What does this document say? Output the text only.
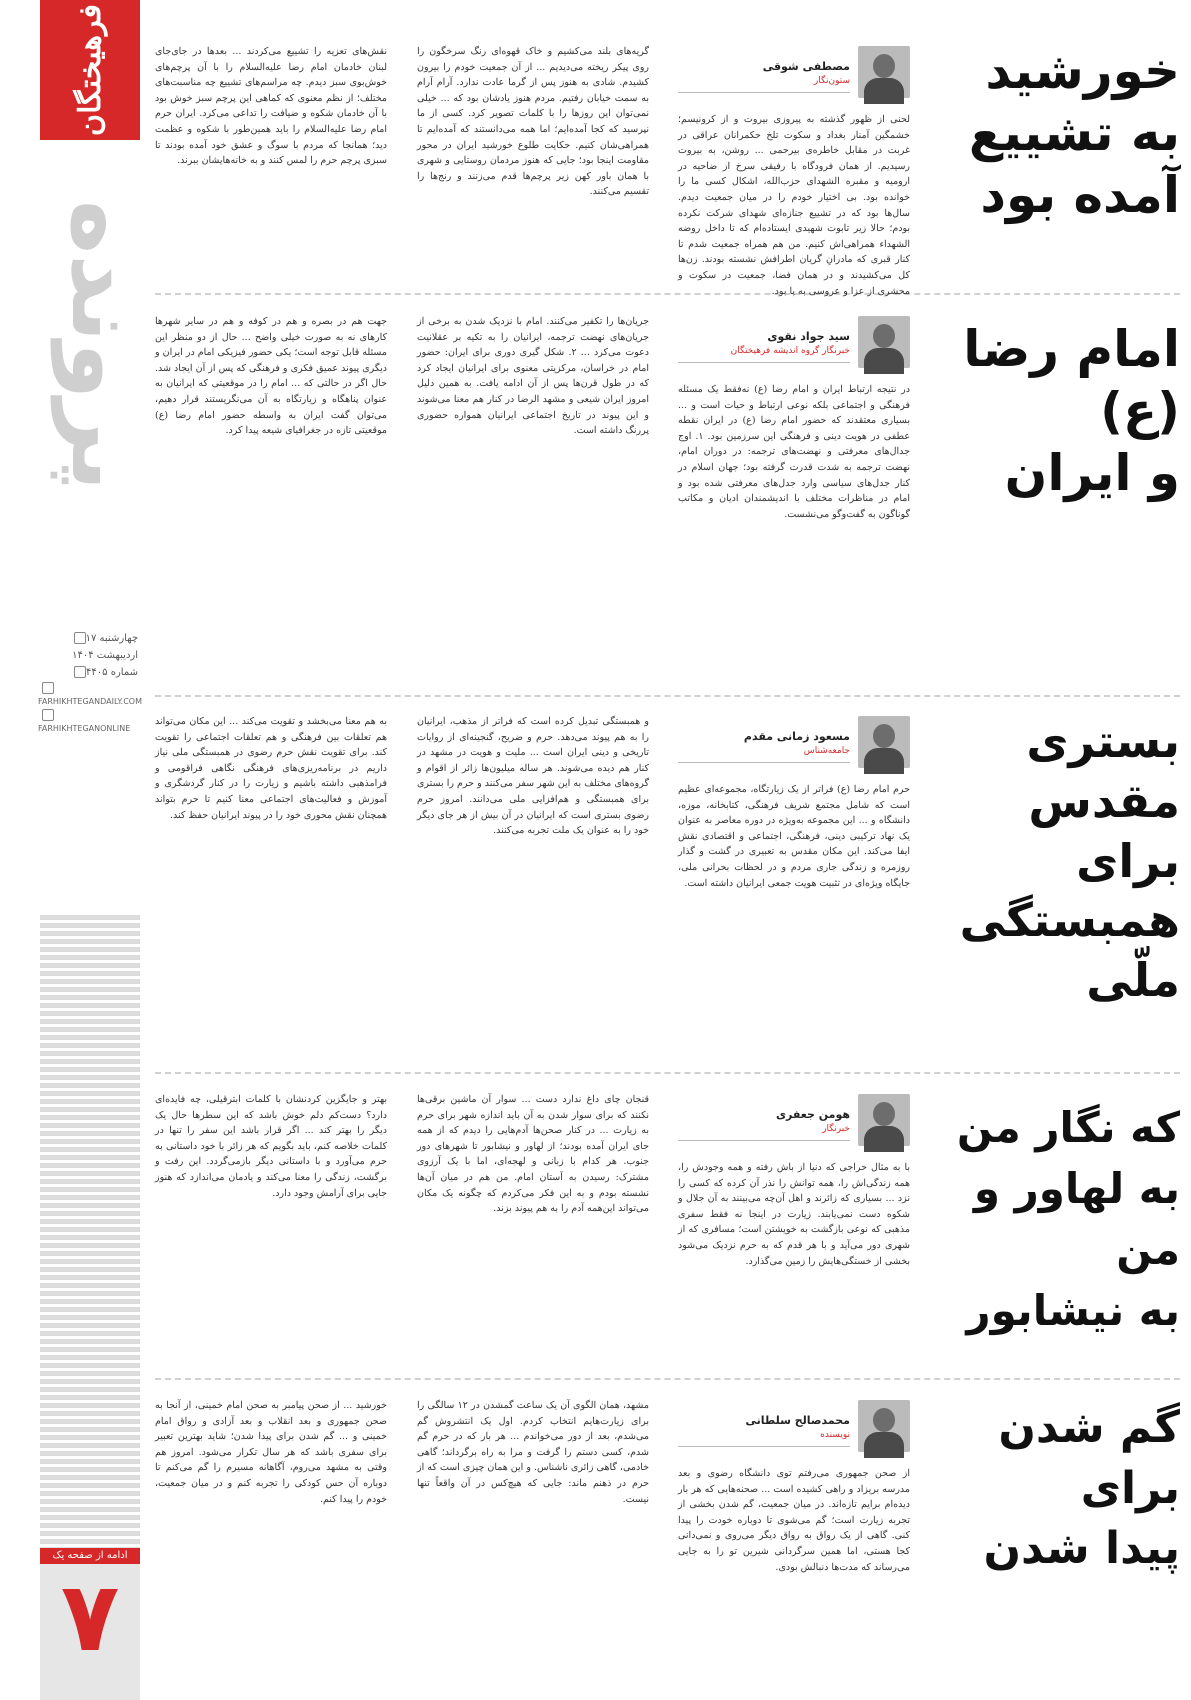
فرهیختگان
پرونده
چهارشنبه ۱۷ اردیبهشت ۱۴۰۴
شماره ۴۴۰۵
FARHIKHTEGANDAILY.COM
FARHIKHTEGANONLINE
ادامه از صفحه یک
۷
مصطفی شوقی
ستون‌نگار
لحنی از ظهور گذشته به پیروزی بیروت و از کرونیسم؛ خشمگین آمنار بغداد و سکوت تلخ حکمرانان عراقی در غربت در مقابل خاطره‌ی بیرحمی ... روشن، به بیروت رسیدیم. از همان فرودگاه با رفیقی سرخ از ضاحیه در ارومیه و مقبره الشهدای حزب‌الله، اشکال کسی ما را خوانده بود. بی اختیار خودم را در میان جمعیت دیدم. سال‌ها بود که در تشییع جنازه‌ای شهدای شرکت نکرده بودم؛ حالا زیر تابوت شهیدی ایستاده‌ام که تا داخل روضه الشهداء همراهی‌اش کنیم. من هم همراه جمعیت شدم تا کنار قبری که مادرانِ گریان اطرافش نشسته بودند. زن‌ها کل می‌کشیدند و در همان فضا، جمعیت در سکوت و محشری از عزا و عروسی به پا بود.
گریه‌های بلند می‌کشیم و خاک قهوه‌ای رنگ سرخگون را روی پیکر ریخته می‌دیدیم ... از آن جمعیت خودم را بیرون کشیدم. شادی به هنوز پس از گرما عادت ندارد. آرام آرام به سمت خیابان رفتیم. مردم هنوز یادشان بود که ... خیلی نمی‌توان این روزها را با کلمات تصویر کرد. کسی از ما نپرسید که کجا آمده‌ایم؛ اما همه می‌دانستند که آمده‌ایم تا همراهی‌شان کنیم. حکایت طلوع خورشید ایران در محور مقاومت اینجا بود؛ جایی که هنوز مردمان روستایی و شهری با همان باور کهن زیر پرچم‌ها قدم می‌زنند و رنج‌ها را تقسیم می‌کنند.
نقش‌های تعزیه را تشییع می‌کردند ... بعدها در جای‌جای لبنان خادمان امام رضا علیه‌السلام را با آن پرچم‌های خوش‌بوی سبز دیدم. چه مراسم‌های تشییع چه مناسبت‌های مختلف؛ از نظم معنوی که کماهی این پرچم سبز خوش بود با آن خادمان شکوه و ضیافت را تداعی می‌کرد. ایران حرم امام رضا علیه‌السلام را باید همین‌طور با شکوه و عظمت دید؛ همانجا که مردم با سوگ و عشق خود آمده بودند تا سبزی پرچم حرم را لمس کنند و به خانه‌هایشان ببرند.
خورشید
به تشییع
آمده بود
سید جواد نقوی
خبرنگار گروه اندیشه فرهیختگان
در نتیجه ارتباط ایران و امام رضا (ع) نه‌فقط یک مسئله فرهنگی و اجتماعی بلکه نوعی ارتباط و حیات است و ... بسیاری معتقدند که حضور امام رضا (ع) در ایران نقطه عطفی در هویت دینی و فرهنگی این سرزمین بود. ۱. اوج جدال‌های معرفتی و نهضت‌های ترجمه: در دوران امام، نهضت ترجمه به شدت قدرت گرفته بود؛ جهان اسلام در کنار جدل‌های سیاسی وارد جدل‌های معرفتی شده بود و امام در مناظرات مختلف با اندیشمندان ادیان و مکاتب گوناگون به گفت‌وگو می‌نشست.
جریان‌ها را تکفیر می‌کنند. امام با نزدیک شدن به برخی از جریان‌های نهضت ترجمه، ایرانیان را به تکیه بر عقلانیت دعوت می‌کرد ... ۲. شکل گیری دوری برای ایران: حضور امام در خراسان، مرکزیتی معنوی برای ایرانیان ایجاد کرد که در طول قرن‌ها پس از آن ادامه یافت. به همین دلیل امروز ایران شیعی و مشهد الرضا در کنار هم معنا می‌شوند و این پیوند در تاریخ اجتماعی ایرانیان همواره حضوری پررنگ داشته است.
جهت هم در بصره و هم در کوفه و هم در سایر شهرها کارهای نه به صورت خیلی واضح ... حال از دو منظر این مسئله قابل توجه است؛ یکی حضور فیزیکی امام در ایران و دیگری پیوند عمیق فکری و فرهنگی که پس از آن ایجاد شد. حال اگر در حالتی که ... امام را در موقعیتی که ایرانیان به عنوان پناهگاه و زیارتگاه به آن می‌نگریستند قرار دهیم، می‌توان گفت ایران به واسطه حضور امام رضا (ع) موقعیتی تازه در جغرافیای شیعه پیدا کرد.
امام رضا (ع)
و ایران
مسعود زمانی مقدم
جامعه‌شناس
حرم امام رضا (ع) فراتر از یک زیارتگاه، مجموعه‌ای عظیم است که شامل مجتمع شریف فرهنگی، کتابخانه، موزه، دانشگاه و ... این مجموعه به‌ویژه در دوره معاصر به عنوان یک نهاد ترکیبی دینی، فرهنگی، اجتماعی و اقتصادی نقش ایفا می‌کند. این مکان مقدس به تعبیری در گشت و گذار روزمره و زندگی جاری مردم و در لحظات بحرانی ملی، جایگاه ویژه‌ای در تثبیت هویت جمعی ایرانیان داشته است.
و همبستگی تبدیل کرده است که فراتر از مذهب، ایرانیان را به هم پیوند می‌دهد. حرم و ضریح، گنجینه‌ای از روایات تاریخی و دینی ایران است ... ملیت و هویت در مشهد در کنار هم دیده می‌شوند. هر ساله میلیون‌ها زائر از اقوام و گروه‌های مختلف به این شهر سفر می‌کنند و حرم را بستری برای همبستگی و هم‌افزایی ملی می‌دانند. امروز حرم رضوی بستری است که ایرانیان در آن بیش از هر جای دیگر خود را به عنوان یک ملت تجربه می‌کنند.
به هم معنا می‌بخشد و تقویت می‌کند ... این مکان می‌تواند هم تعلقات بین فرهنگی و هم تعلقات اجتماعی را تقویت کند. برای تقویت نقش حرم رضوی در همبستگی ملی نیاز داریم در برنامه‌ریزی‌های فرهنگی نگاهی فراقومی و فرامذهبی داشته باشیم و زیارت را در کنار گردشگری و آموزش و فعالیت‌های اجتماعی معنا کنیم تا حرم بتواند همچنان نقش محوری خود را در پیوند ایرانیان حفظ کند.
بستری
مقدس
برای
همبستگی
ملّی
هومن جعفری
خبرنگار
با به مثال حراجی که دنیا از باش رفته و همه وجودش را، همه زندگی‌اش را، همه توانش را نذر آن کرده که کسی را نزد ... بسیاری که زائرند و اهل آن‌چه می‌بینند به آن جلال و شکوه دست نمی‌یابند. زیارت در اینجا نه فقط سفری مذهبی که نوعی بازگشت به خویشتن است؛ مسافری که از شهری دور می‌آید و با هر قدم که به حرم نزدیک می‌شود بخشی از خستگی‌هایش را زمین می‌گذارد.
قنجان چای داغ ندارد دست ... سوار آن ماشین برقی‌ها نکنند که برای سوار شدن به آن باید اندازه شهر برای حرم به زیارت ... در کنار صحن‌ها آدم‌هایی را دیدم که از همه جای ایران آمده بودند؛ از لهاور و نیشابور تا شهرهای دور جنوب. هر کدام با زبانی و لهجه‌ای، اما با یک آرزوی مشترک: رسیدن به آستان امام. من هم در میان آن‌ها نشسته بودم و به این فکر می‌کردم که چگونه یک مکان می‌تواند این‌همه آدم را به هم پیوند بزند.
بهتر و جایگزین کردنشان با کلمات ابترقیلی، چه فایده‌ای دارد؟ دست‌کم دلم خوش باشد که این سطرها حال یک دیگر را بهتر کند ... اگر قرار باشد این سفر را تنها در کلمات خلاصه کنم، باید بگویم که هر زائر با خود داستانی به حرم می‌آورد و با داستانی دیگر بازمی‌گردد. این رفت و برگشت، زندگی را معنا می‌کند و یادمان می‌اندازد که هنوز جایی برای آرامش وجود دارد.
که نگار من
به لهاور و من
به نیشابور
محمدصالح سلطانی
نویسنده
از صحن جمهوری می‌رفتم توی دانشگاه رضوی و بعد مدرسه بریزاد و راهی کشیده است ... صحنه‌هایی که هر بار دیده‌ام برایم تازه‌اند. در میان جمعیت، گم شدن بخشی از تجربه زیارت است؛ گم می‌شوی تا دوباره خودت را پیدا کنی. گاهی از یک رواق به رواق دیگر می‌روی و نمی‌دانی کجا هستی، اما همین سرگردانی شیرین تو را به جایی می‌رساند که مدت‌ها دنبالش بودی.
مشهد، همان الگوی آن یک ساعت گمشدن در ۱۲ سالگی را برای زیارت‌هایم انتخاب کردم. اول یک انتشروش گم می‌شدم، بعد از دور می‌خواندم ... هر بار که در حرم گم شدم، کسی دستم را گرفت و مرا به راه برگرداند؛ گاهی خادمی، گاهی زائری ناشناس. و این همان چیزی است که از حرم در ذهنم ماند: جایی که هیچ‌کس در آن واقعاً تنها نیست.
خورشید ... از صحن پیامبر به صحن امام خمینی، از آنجا به صحن جمهوری و بعد انقلاب و بعد آزادی و رواق امام خمینی و ... گم شدن برای پیدا شدن؛ شاید بهترین تعبیر برای سفری باشد که هر سال تکرار می‌شود. امروز هم وقتی به مشهد می‌روم، آگاهانه مسیرم را گم می‌کنم تا دوباره آن حس کودکی را تجربه کنم و در میان جمعیت، خودم را پیدا کنم.
گم شدن
برای
پیدا شدن
